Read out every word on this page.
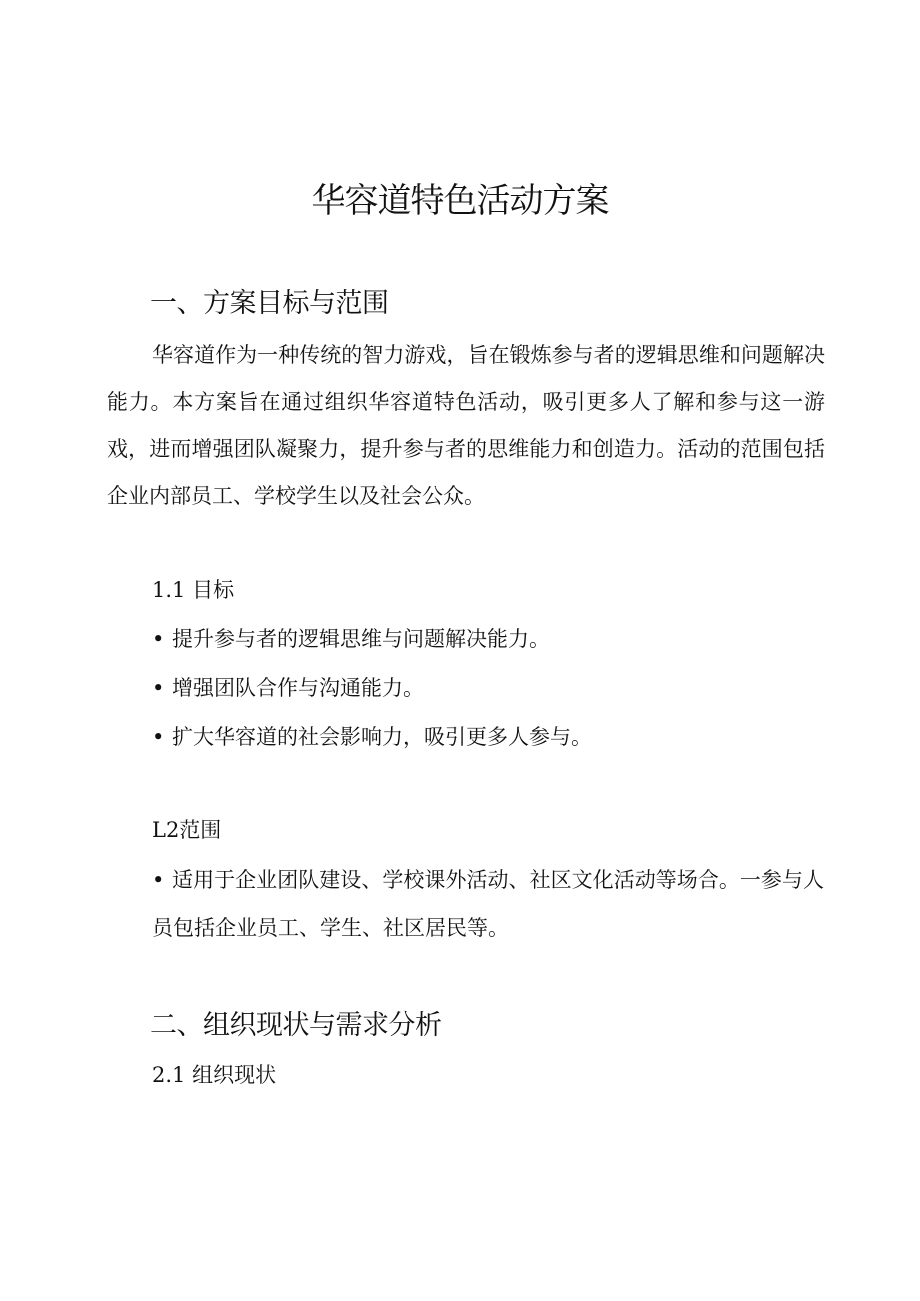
华容道特色活动方案
一、方案目标与范围

华容道作为一种传统的智力游戏，旨在锻炼参与者的逻辑思维和问题解决能力。本方案旨在通过组织华容道特色活动，吸引更多人了解和参与这一游戏，进而增强团队凝聚力，提升参与者的思维能力和创造力。活动的范围包括企业内部员工、学校学生以及社会公众。

1.1 目标
• 提升参与者的逻辑思维与问题解决能力。
• 增强团队合作与沟通能力。
• 扩大华容道的社会影响力，吸引更多人参与。
L2范围

• 适用于企业团队建设、学校课外活动、社区文化活动等场合。一参与人员包括企业员工、学生、社区居民等。

二、组织现状与需求分析
2.1 组织现状
